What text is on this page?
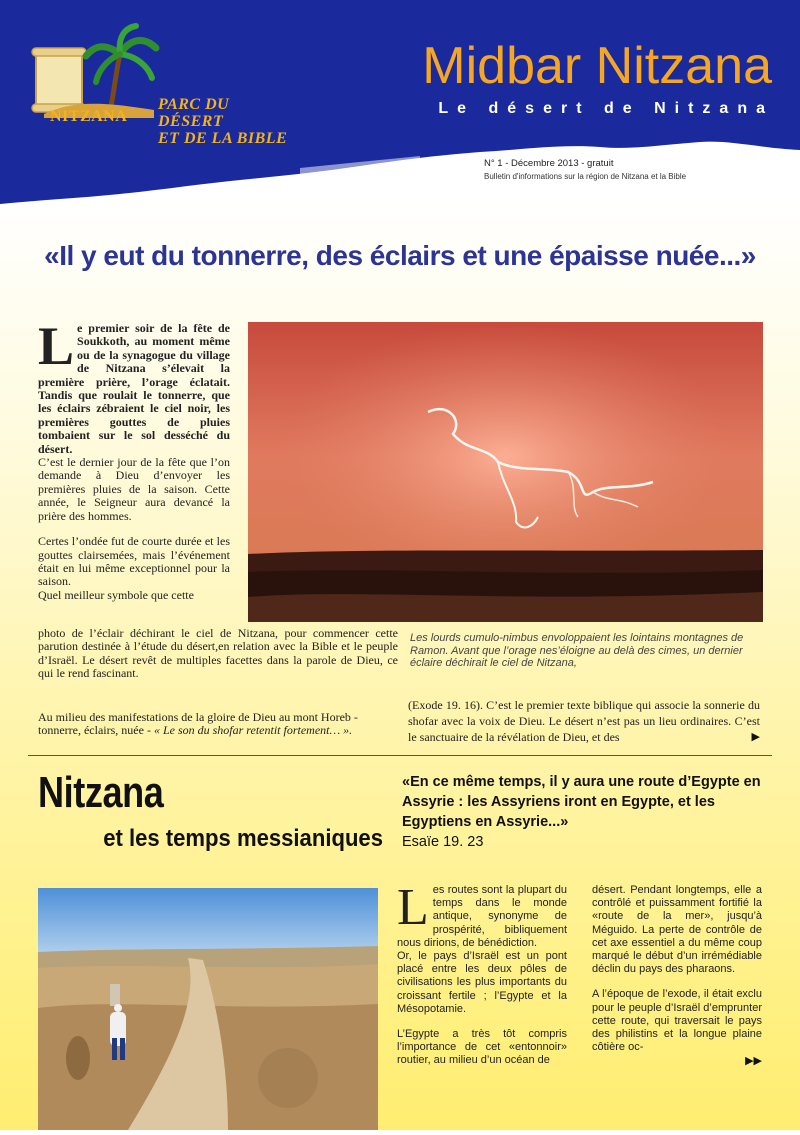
NITZANA
PARC DU DÉSERT
ET DE LA BIBLE
Midbar Nitzana
Le désert de Nitzana
N° 1 - Décembre 2013 - gratuit
Bulletin d'informations sur la région de Nitzana et la Bible
«Il y eut du tonnerre, des éclairs et une épaisse nuée...»
L e premier soir de la fête de Soukkoth, au moment même ou de la synagogue du village de Nitzana s’élevait la première prière, l’orage éclatait. Tandis que roulait le tonnerre, que les éclairs zébraient le ciel noir, les premières gouttes de pluies tombaient sur le sol desséché du désert.

C’est le dernier jour de la fête que l’on demande à Dieu d’envoyer les premières pluies de la saison. Cette année, le Seigneur aura devancé la prière des hommes.

Certes l’ondée fut de courte durée et les gouttes clairsemées, mais l’événement était en lui même exceptionnel pour la saison.

Quel meilleur symbole que cette

photo de l’éclair déchirant le ciel de Nitzana, pour commencer cette parution destinée à l’étude du désert,en relation avec la Bible et le peuple d’Israël. Le désert revêt de multiples facettes dans la parole de Dieu, ce qui le rend fascinant.
Au milieu des manifestations de la gloire de Dieu au mont Horeb - tonnerre, éclairs, nuée - « Le son du shofar retentit fortement… ».
Les lourds cumulo-nimbus envoloppaient les lointains montagnes de Ramon. Avant que l’orage nes’éloigne au delà des cimes, un dernier éclaire déchirait le ciel de Nitzana,
(Exode 19. 16). C’est le premier texte biblique qui associe la sonnerie du shofar avec la voix de Dieu. Le désert n’est pas un lieu ordinaires. C’est le sanctuaire de la révélation de Dieu, et des	▶
Nitzana
et les temps messianiques
«En ce même temps, il y aura une route d’Egypte en Assyrie : les Assyriens iront en Egypte, et les Egyptiens en Assyrie...»
Esaïe 19. 23
L es routes sont la plupart du temps dans le monde antique, synonyme de prospérité, bibliquement nous dirions, de bénédiction.

Or, le pays d’Israël est un pont placé entre les deux pôles de civilisations les plus importants du croissant fertile ; l’Egypte et la Mésopotamie.

L’Egypte a très tôt compris l’importance de cet «entonnoir» routier, au milieu d’un océan de

désert. Pendant longtemps, elle a contrôlé et puissamment fortifié la «route de la mer», jusqu’à Méguido. La perte de contrôle de cet axe essentiel a du même coup marqué le début d’un irrémédiable déclin du pays des pharaons.

A l’époque de l’exode, il était exclu pour le peuple d’Israël d’emprunter cette route, qui traversait le pays des philistins et la longue plaine côtière oc-

▶▶
